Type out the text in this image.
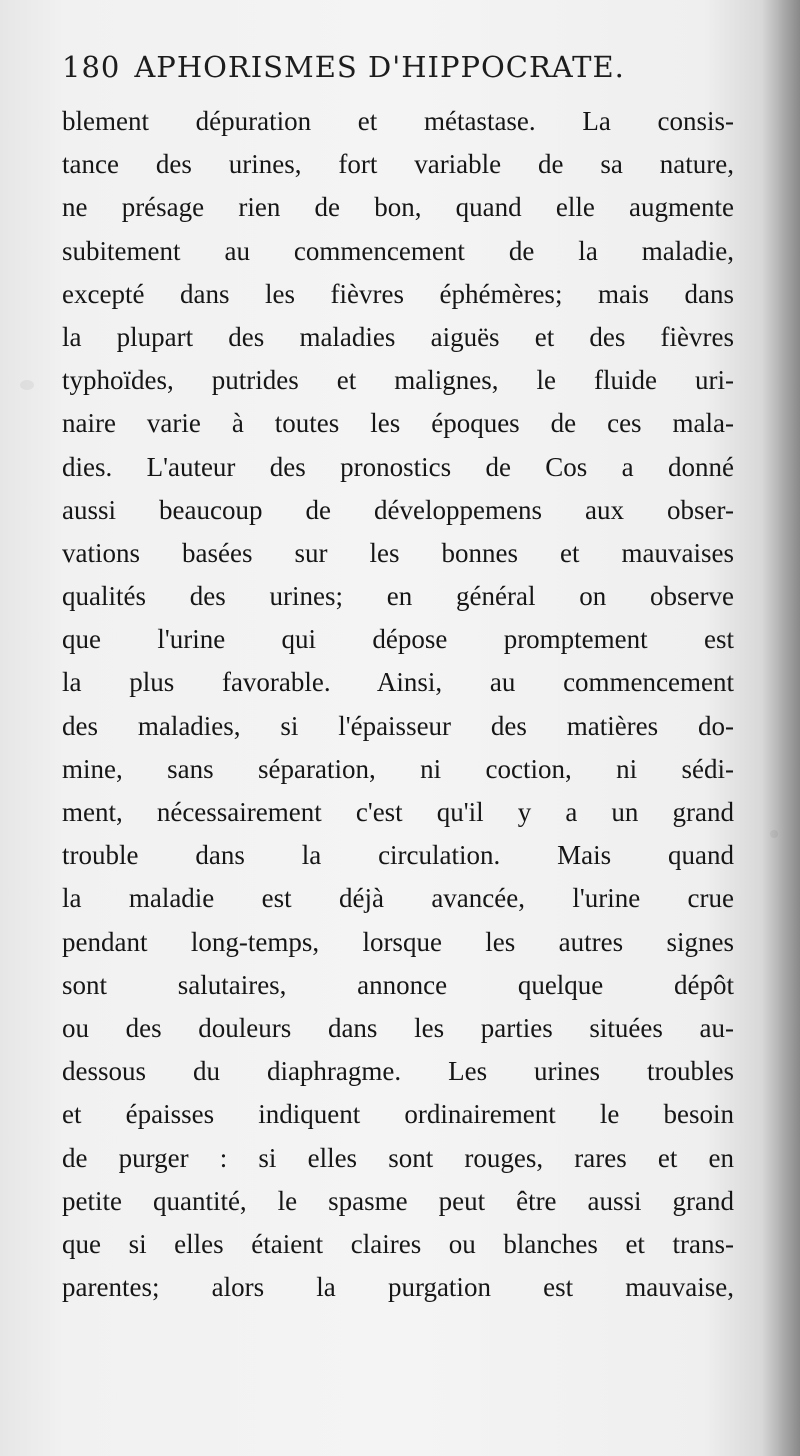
180 APHORISMES D'HIPPOCRATE.
blement dépuration et métastase. La consis-
tance des urines, fort variable de sa nature,
ne présage rien de bon, quand elle augmente
subitement au commencement de la maladie,
excepté dans les fièvres éphémères; mais dans
la plupart des maladies aiguës et des fièvres
typhoïdes, putrides et malignes, le fluide uri-
naire varie à toutes les époques de ces mala-
dies. L'auteur des pronostics de Cos a donné
aussi beaucoup de développemens aux obser-
vations basées sur les bonnes et mauvaises
qualités des urines; en général on observe
que l'urine qui dépose promptement est
la plus favorable. Ainsi, au commencement
des maladies, si l'épaisseur des matières do-
mine, sans séparation, ni coction, ni sédi-
ment, nécessairement c'est qu'il y a un grand
trouble dans la circulation. Mais quand
la maladie est déjà avancée, l'urine crue
pendant long-temps, lorsque les autres signes
sont salutaires, annonce quelque dépôt
ou des douleurs dans les parties situées au-
dessous du diaphragme. Les urines troubles
et épaisses indiquent ordinairement le besoin
de purger : si elles sont rouges, rares et en
petite quantité, le spasme peut être aussi grand
que si elles étaient claires ou blanches et trans-
parentes; alors la purgation est mauvaise,
